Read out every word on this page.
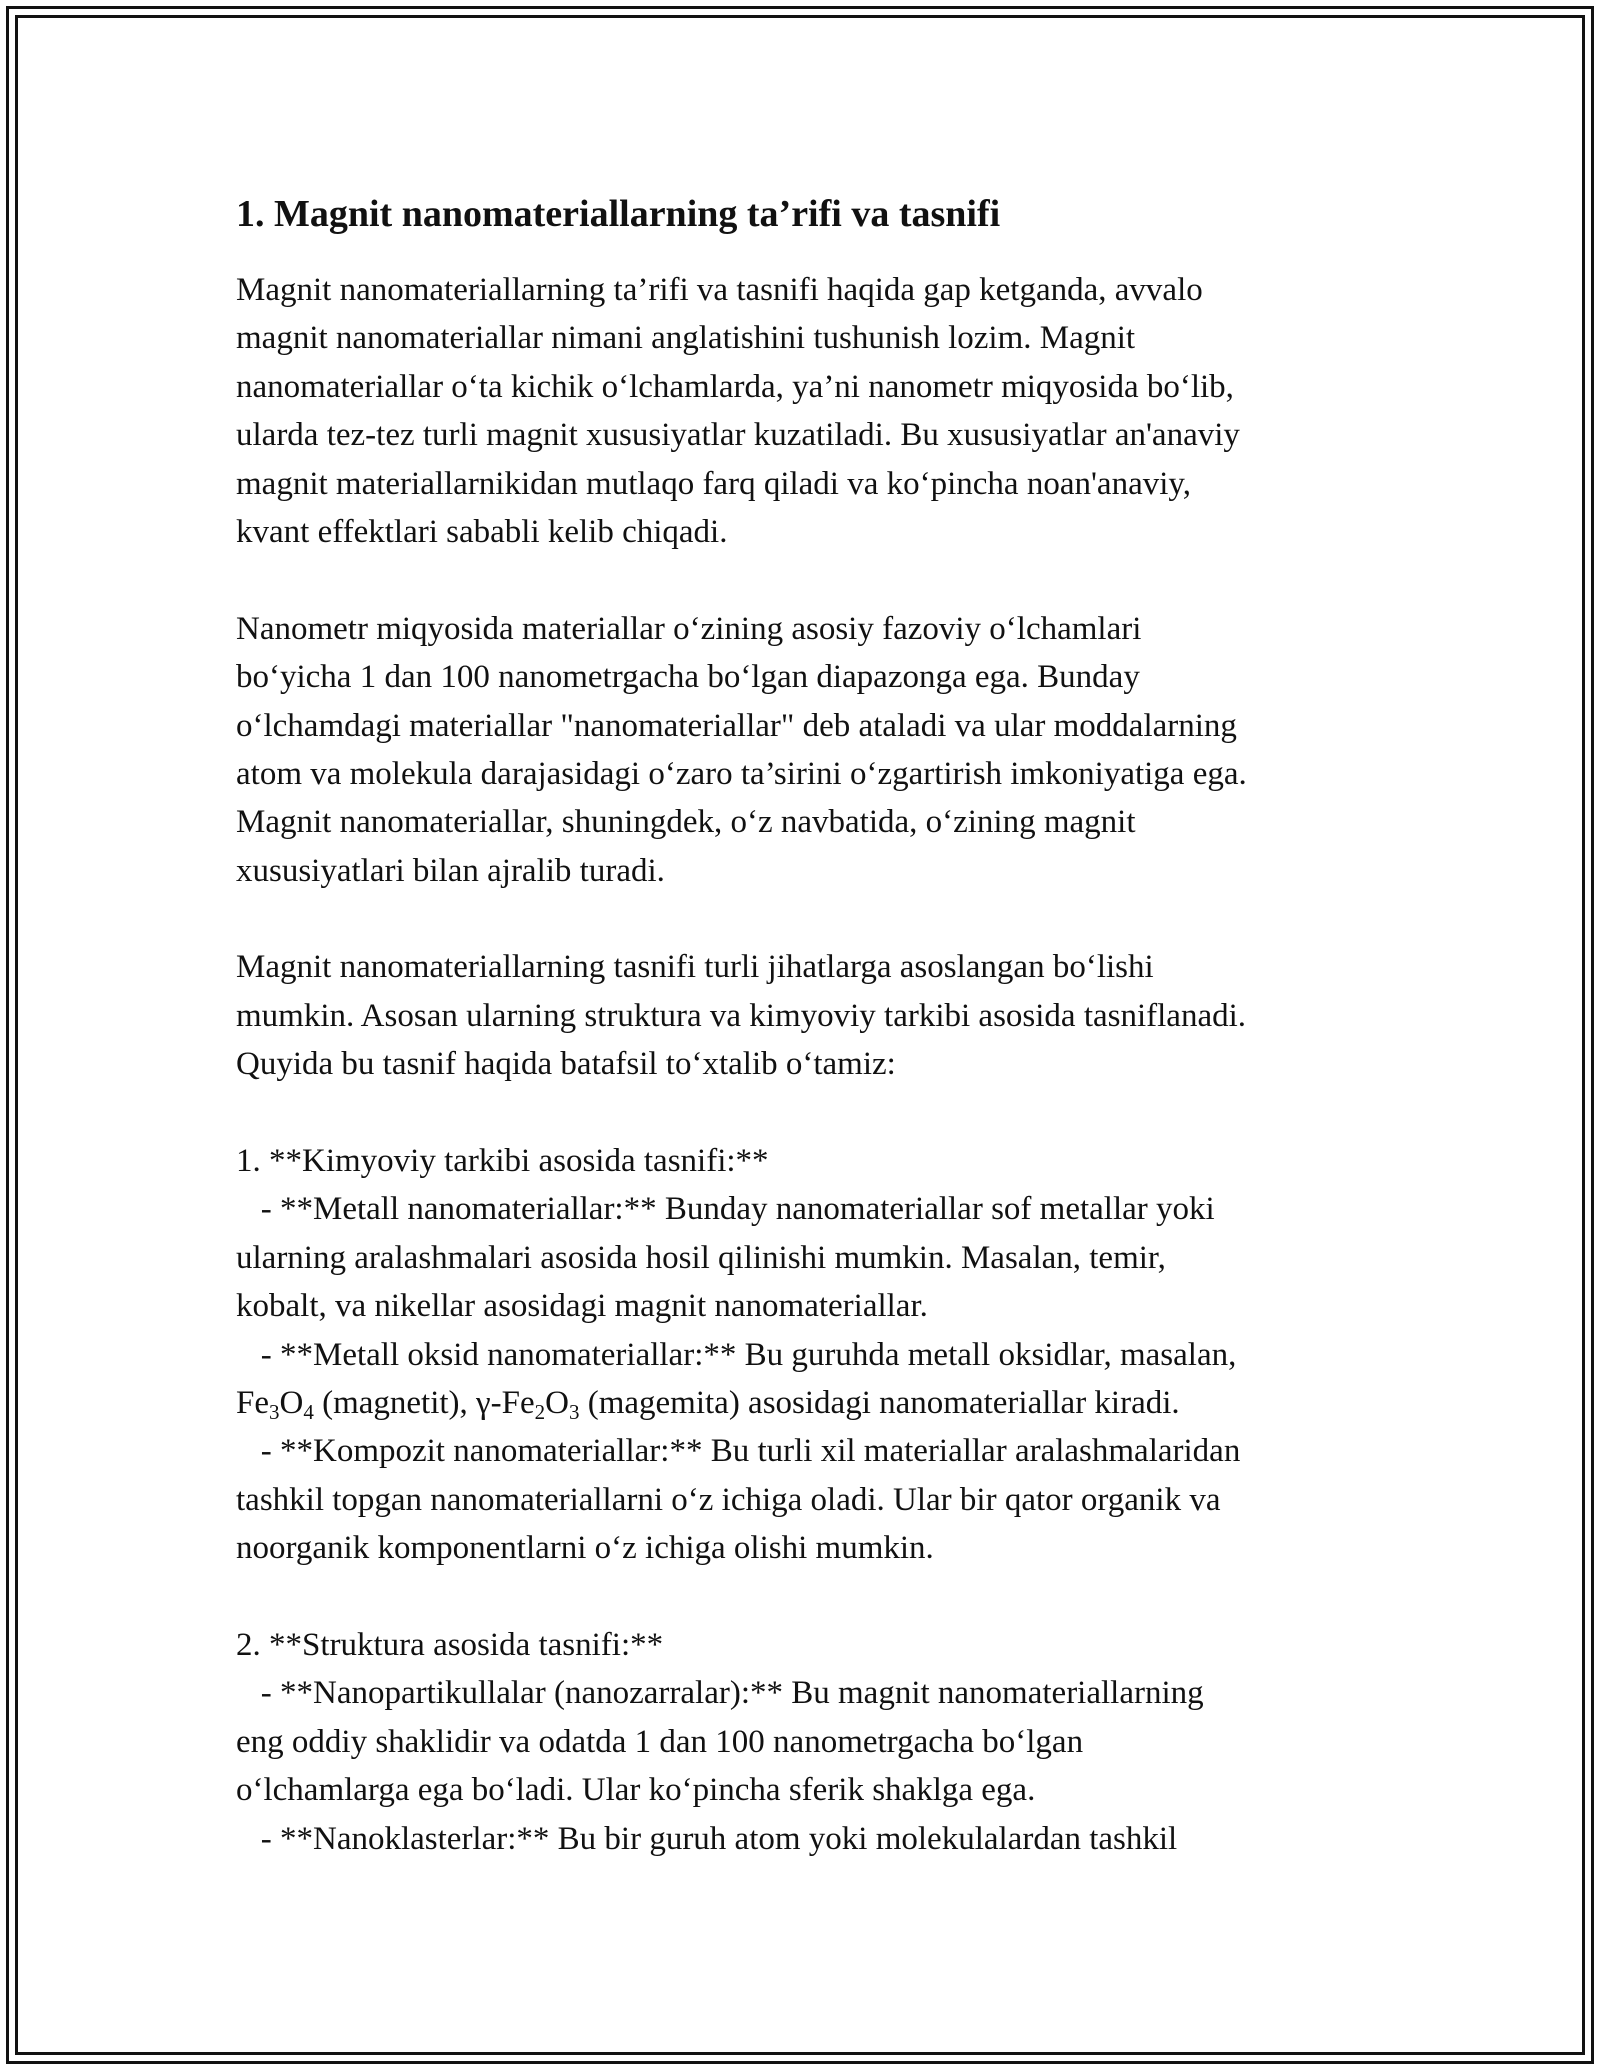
1. Magnit nanomateriallarning ta’rifi va tasnifi
Magnit nanomateriallarning ta’rifi va tasnifi haqida gap ketganda, avvalo
magnit nanomateriallar nimani anglatishini tushunish lozim. Magnit
nanomateriallar o‘ta kichik o‘lchamlarda, ya’ni nanometr miqyosida bo‘lib,
ularda tez-tez turli magnit xususiyatlar kuzatiladi. Bu xususiyatlar an'anaviy
magnit materiallarnikidan mutlaqo farq qiladi va ko‘pincha noan'anaviy,
kvant effektlari sababli kelib chiqadi.
Nanometr miqyosida materiallar o‘zining asosiy fazoviy o‘lchamlari
bo‘yicha 1 dan 100 nanometrgacha bo‘lgan diapazonga ega. Bunday
o‘lchamdagi materiallar "nanomateriallar" deb ataladi va ular moddalarning
atom va molekula darajasidagi o‘zaro ta’sirini o‘zgartirish imkoniyatiga ega.
Magnit nanomateriallar, shuningdek, o‘z navbatida, o‘zining magnit
xususiyatlari bilan ajralib turadi.
Magnit nanomateriallarning tasnifi turli jihatlarga asoslangan bo‘lishi
mumkin. Asosan ularning struktura va kimyoviy tarkibi asosida tasniflanadi.
Quyida bu tasnif haqida batafsil to‘xtalib o‘tamiz:
1. **Kimyoviy tarkibi asosida tasnifi:**
- **Metall nanomateriallar:** Bunday nanomateriallar sof metallar yoki
ularning aralashmalari asosida hosil qilinishi mumkin. Masalan, temir,
kobalt, va nikellar asosidagi magnit nanomateriallar.
- **Metall oksid nanomateriallar:** Bu guruhda metall oksidlar, masalan,
$Fe_3O_4$ (magnetit), $\gamma-Fe_2O_3$ (magemita) asosidagi nanomateriallar kiradi.
- **Kompozit nanomateriallar:** Bu turli xil materiallar aralashmalaridan
tashkil topgan nanomateriallarni o‘z ichiga oladi. Ular bir qator organik va
noorganik komponentlarni o‘z ichiga olishi mumkin.
2. **Struktura asosida tasnifi:**
- **Nanopartikullalar (nanozarralar):** Bu magnit nanomateriallarning
eng oddiy shaklidir va odatda 1 dan 100 nanometrgacha bo‘lgan
o‘lchamlarga ega bo‘ladi. Ular ko‘pincha sferik shaklga ega.
- **Nanoklasterlar:** Bu bir guruh atom yoki molekulalardan tashkil
